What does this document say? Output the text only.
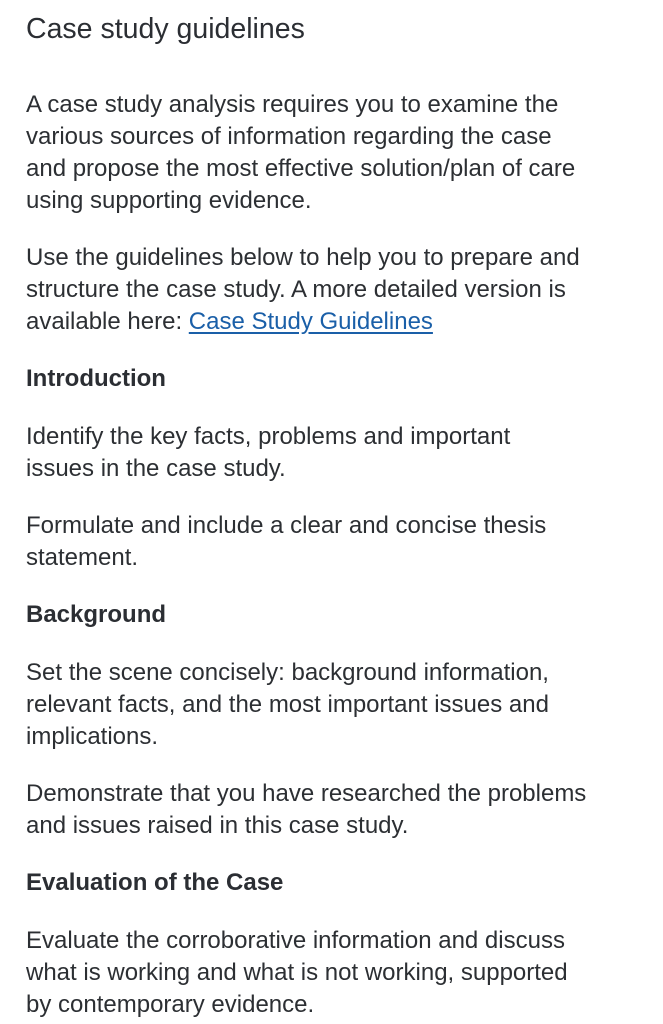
Case study guidelines

A case study analysis requires you to examine the
various sources of information regarding the case
and propose the most effective solution/plan of care
using supporting evidence.

Use the guidelines below to help you to prepare and
structure the case study. A more detailed version is
available here: Case Study Guidelines

Introduction

Identify the key facts, problems and important
issues in the case study.

Formulate and include a clear and concise thesis
statement.

Background

Set the scene concisely: background information,
relevant facts, and the most important issues and
implications.

Demonstrate that you have researched the problems
and issues raised in this case study.

Evaluation of the Case

Evaluate the corroborative information and discuss
what is working and what is not working, supported
by contemporary evidence.
